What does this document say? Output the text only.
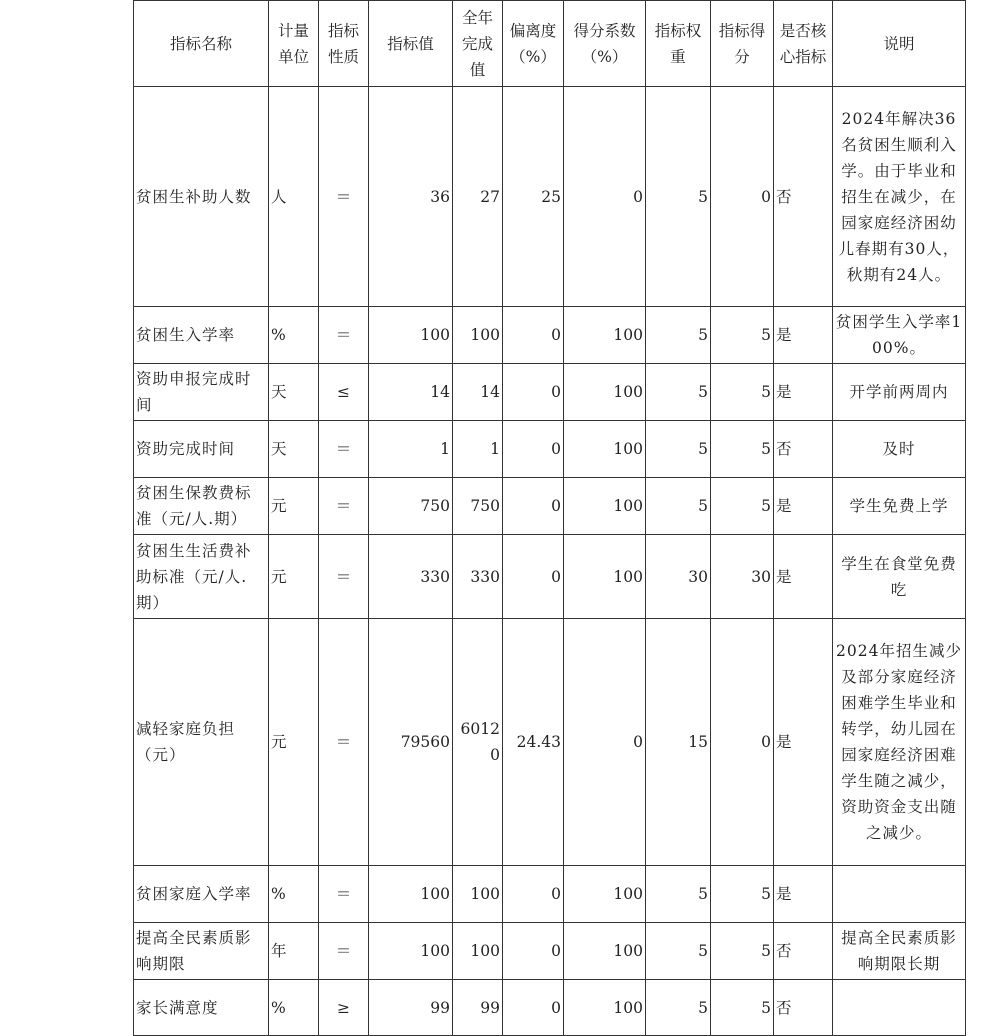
指标名称	计量单位	指标性质	指标值	全年完成值	偏离度（%）	得分系数（%）	指标权重	指标得分	是否核心指标	说明
贫困生补助人数	人	＝	36	27	25	0	5	0	否	2024年解决36名贫困生顺利入学。由于毕业和招生在减少，在园家庭经济困幼儿春期有30人，秋期有24人。
贫困生入学率	%	＝	100	100	0	100	5	5	是	贫困学生入学率100%。
资助申报完成时间	天	≤	14	14	0	100	5	5	是	开学前两周内
资助完成时间	天	＝	1	1	0	100	5	5	否	及时
贫困生保教费标准（元/人.期）	元	＝	750	750	0	100	5	5	是	学生免费上学
贫困生生活费补助标准（元/人.期）	元	＝	330	330	0	100	30	30	是	学生在食堂免费吃
减轻家庭负担（元）	元	＝	79560	60120	24.43	0	15	0	是	2024年招生减少及部分家庭经济困难学生毕业和转学，幼儿园在园家庭经济困难学生随之减少，资助资金支出随之减少。
贫困家庭入学率	%	＝	100	100	0	100	5	5	是	
提高全民素质影响期限	年	＝	100	100	0	100	5	5	否	提高全民素质影响期限长期
家长满意度	%	≥	99	99	0	100	5	5	否	
